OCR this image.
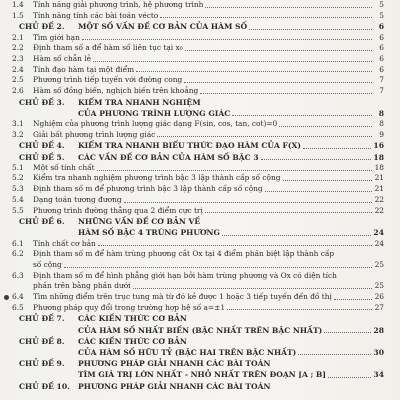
1.4	Tính năng giải phương trình, hệ phương trình	5
1.5	Tính năng tính các bài toán véctơ	5
CHỦ ĐỀ 2.	MỘT SỐ VẤN ĐỀ CƠ BẢN CỦA HÀM SỐ	6
2.1	Tìm giới hạn	6
2.2	Định tham số a để hàm số liên tục tại x₀	6
2.3	Hàm số chẵn lẻ	6
2.4	Tính đạo hàm tại một điểm	6
2.5	Phương trình tiếp tuyến với đường cong	7
2.6	Hàm số đồng biến, nghịch biến trên khoảng	7
CHỦ ĐỀ 3.	KIỂM TRA NHANH NGHIỆM
CỦA PHƯƠNG TRÌNH LƯỢNG GIÁC	8
3.1	Nghiệm của phương trình lượng giác dạng F(sin, cos, tan, cot)=0	8
3.2	Giải bất phương trình lượng giác	9
CHỦ ĐỀ 4.	KIỂM TRA NHANH BIỂU THỨC ĐẠO HÀM CỦA F(X)	16
CHỦ ĐỀ 5.	CÁC VẤN ĐỀ CƠ BẢN CỦA HÀM SỐ BẬC 3	18
5.1	Một số tính chất	18
5.2	Kiểm tra nhanh nghiệm phương trình bậc 3 lập thành cấp số cộng	21
5.3	Định tham số m để phương trình bậc 3 lập thành cấp số cộng	21
5.4	Dạng toán tương đương	22
5.5	Phương trình đường thẳng qua 2 điểm cực trị	22
CHỦ ĐỀ 6.	NHỮNG VẤN ĐỀ CƠ BẢN VỀ
HÀM SỐ BẬC 4 TRÙNG PHƯƠNG	24
6.1	Tính chất cơ bản	24
6.2	Định tham số m để hàm trùng phương cắt Ox tại 4 điểm phân biệt lập thành cấp
số cộng	25
6.3	Định tham số m để hình phẳng giới hạn bởi hàm trùng phương và Ox có diện tích
phần trên bằng phần dưới	25
6.4	Tìm những điểm trên trục tung mà từ đó kẻ được 1 hoặc 3 tiếp tuyến đến đồ thị	26
6.5	Phương pháp quy đổi trong trường hợp hệ số a=±1	27
CHỦ ĐỀ 7.	CÁC KIẾN THỨC CƠ BẢN
CỦA HÀM SỐ NHẤT BIẾN (BẬC NHẤT TRÊN BẬC NHẤT)	28
CHỦ ĐỀ 8.	CÁC KIẾN THỨC CƠ BẢN
CỦA HÀM SỐ HỮU TỶ (BẬC HAI TRÊN BẬC NHẤT)	30
CHỦ ĐỀ 9.	PHƯƠNG PHÁP GIẢI NHANH CÁC BÀI TOÁN
TÌM GIÁ TRỊ LỚN NHẤT - NHỎ NHẤT TRÊN ĐOẠN [A ; B]	34
CHỦ ĐỀ 10.	PHƯƠNG PHÁP GIẢI NHANH CÁC BÀI TOÁN
